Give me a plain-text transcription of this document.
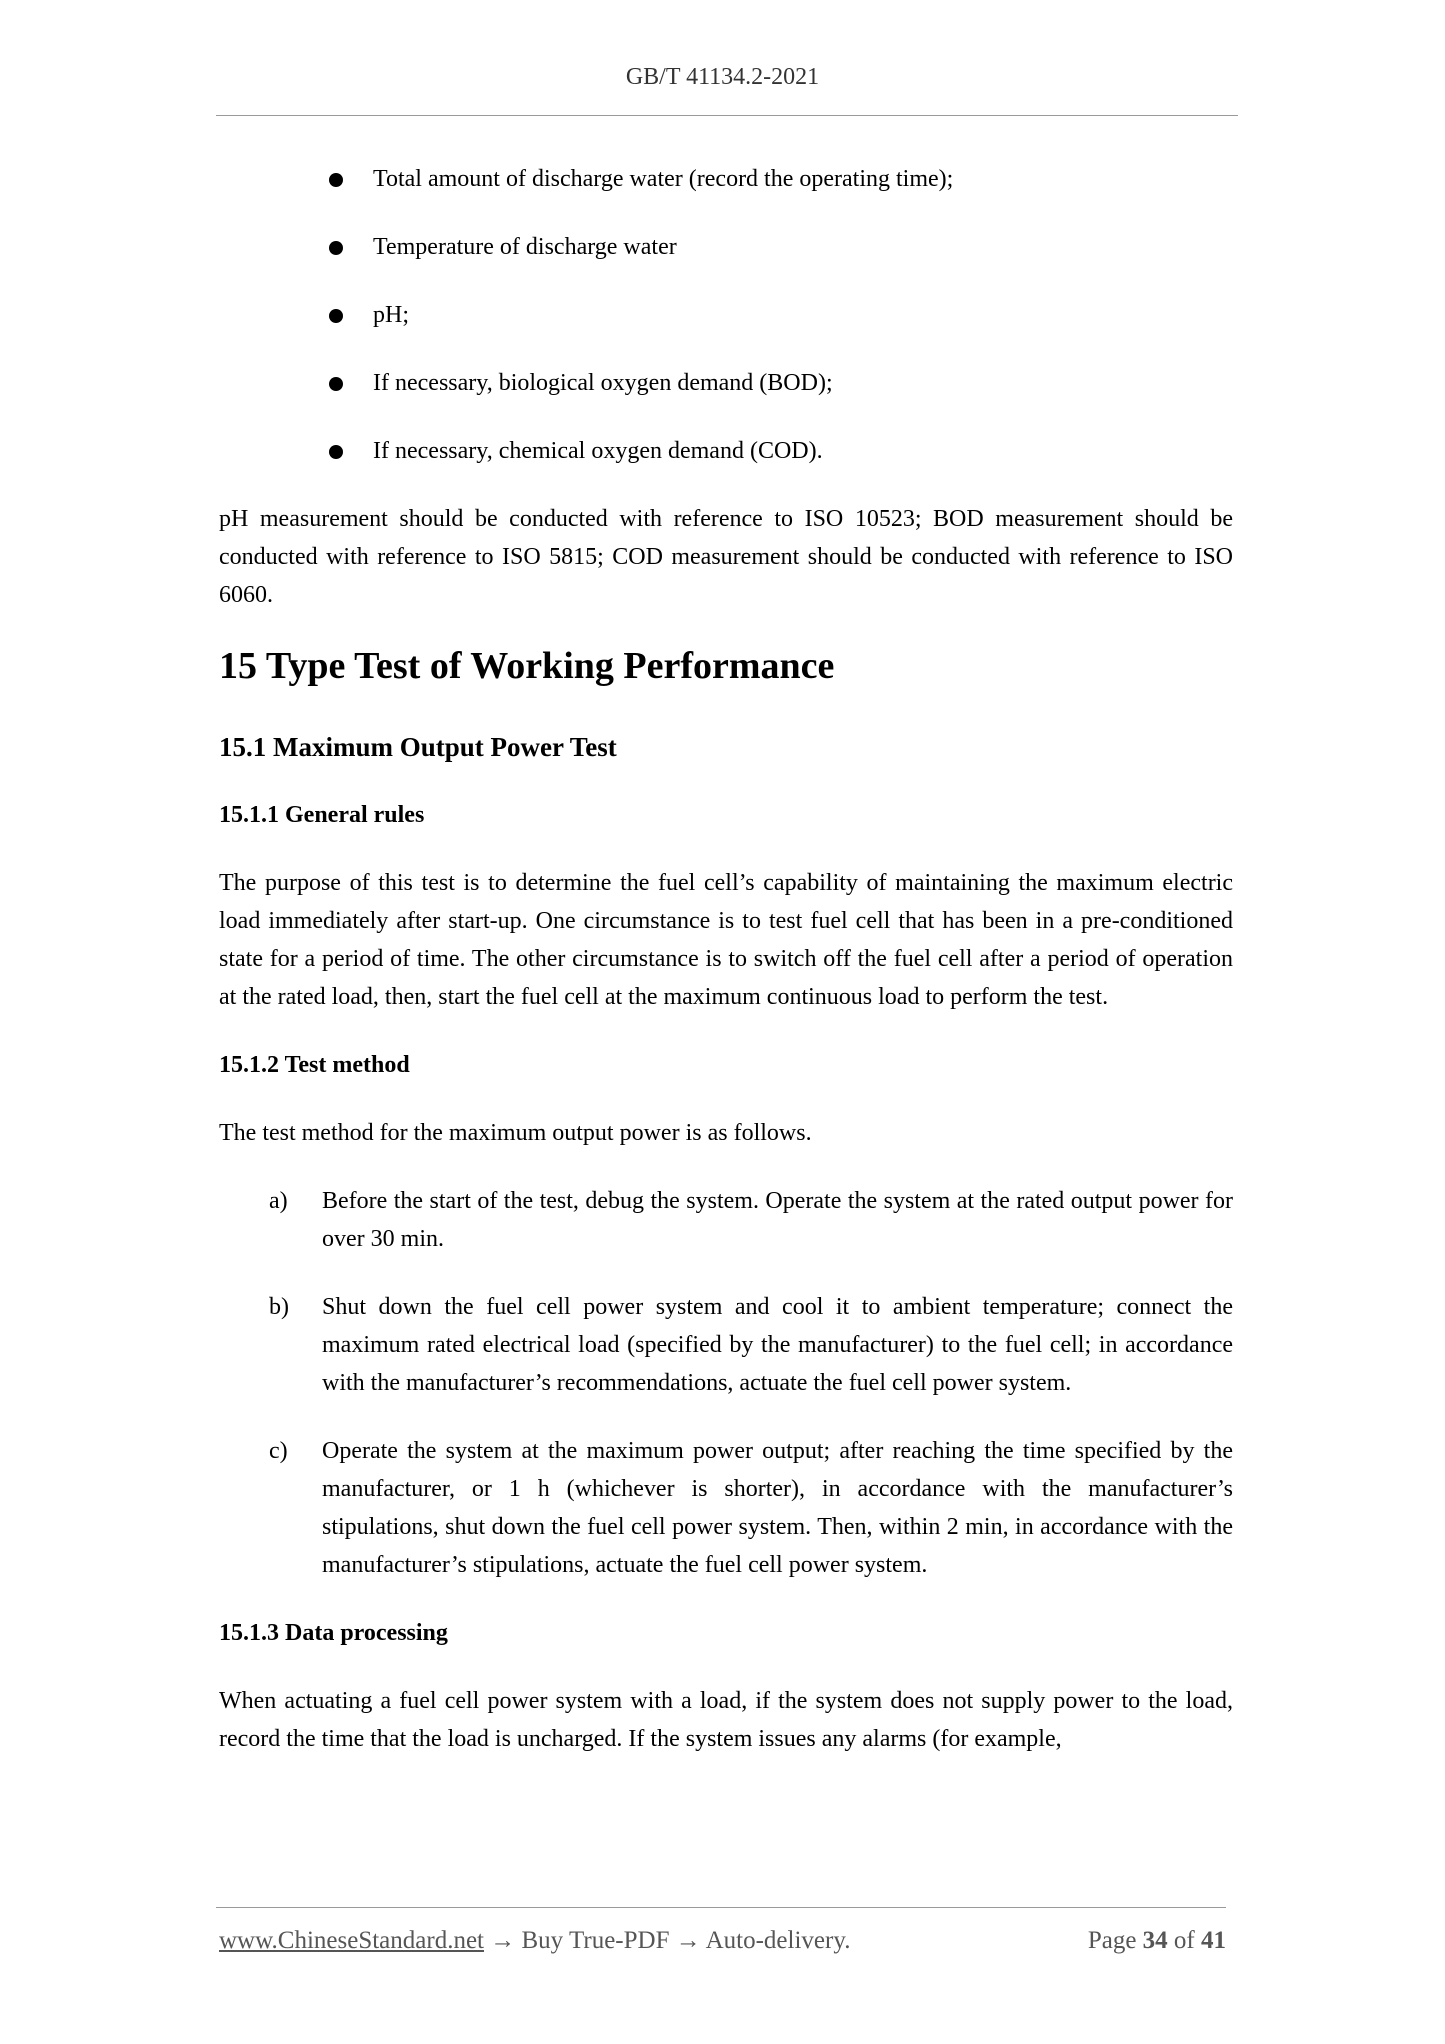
GB/T 41134.2-2021
Total amount of discharge water (record the operating time);
Temperature of discharge water
pH;
If necessary, biological oxygen demand (BOD);
If necessary, chemical oxygen demand (COD).

pH measurement should be conducted with reference to ISO 10523; BOD measurement should be conducted with reference to ISO 5815; COD measurement should be conducted with reference to ISO 6060.

15 Type Test of Working Performance
15.1 Maximum Output Power Test
15.1.1 General rules

The purpose of this test is to determine the fuel cell’s capability of maintaining the maximum electric load immediately after start-up. One circumstance is to test fuel cell that has been in a pre-conditioned state for a period of time. The other circumstance is to switch off the fuel cell after a period of operation at the rated load, then, start the fuel cell at the maximum continuous load to perform the test.

15.1.2 Test method

The test method for the maximum output power is as follows.

a) Before the start of the test, debug the system. Operate the system at the rated output power for over 30 min.
b) Shut down the fuel cell power system and cool it to ambient temperature; connect the maximum rated electrical load (specified by the manufacturer) to the fuel cell; in accordance with the manufacturer’s recommendations, actuate the fuel cell power system.
c) Operate the system at the maximum power output; after reaching the time specified by the manufacturer, or 1 h (whichever is shorter), in accordance with the manufacturer’s stipulations, shut down the fuel cell power system. Then, within 2 min, in accordance with the manufacturer’s stipulations, actuate the fuel cell power system.
15.1.3 Data processing

When actuating a fuel cell power system with a load, if the system does not supply power to the load, record the time that the load is uncharged. If the system issues any alarms (for example,

www.ChineseStandard.net → Buy True-PDF → Auto-delivery.	Page 34 of 41
